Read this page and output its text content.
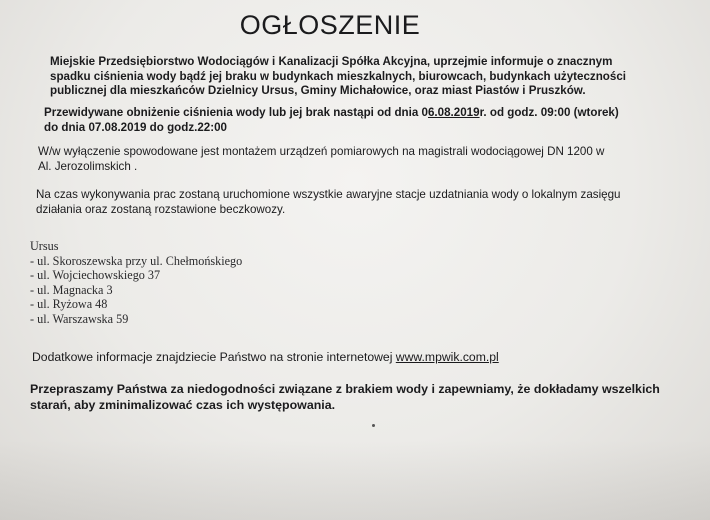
OGŁOSZENIE
Miejskie Przedsiębiorstwo Wodociągów i Kanalizacji Spółka Akcyjna, uprzejmie informuje o znacznym
spadku ciśnienia wody bądź jej braku w budynkach mieszkalnych, biurowcach, budynkach użyteczności
publicznej dla mieszkańców Dzielnicy Ursus, Gminy Michałowice, oraz miast Piastów i Pruszków.
Przewidywane obniżenie ciśnienia wody lub jej brak nastąpi od dnia 06.08.2019r. od godz. 09:00 (wtorek)
do dnia 07.08.2019 do godz.22:00
W/w wyłączenie spowodowane jest montażem urządzeń pomiarowych na magistrali wodociągowej DN 1200 w
Al. Jerozolimskich .
Na czas wykonywania prac zostaną uruchomione wszystkie awaryjne stacje uzdatniania wody o lokalnym zasięgu
działania oraz zostaną rozstawione beczkowozy.
Ursus
- ul. Skoroszewska przy ul. Chełmońskiego
- ul. Wojciechowskiego 37
- ul. Magnacka 3
- ul. Ryżowa 48
- ul. Warszawska 59
Dodatkowe informacje znajdziecie Państwo na stronie internetowej www.mpwik.com.pl
Przepraszamy Państwa za niedogodności związane z brakiem wody i zapewniamy, że dokładamy wszelkich
starań, aby zminimalizować czas ich występowania.
